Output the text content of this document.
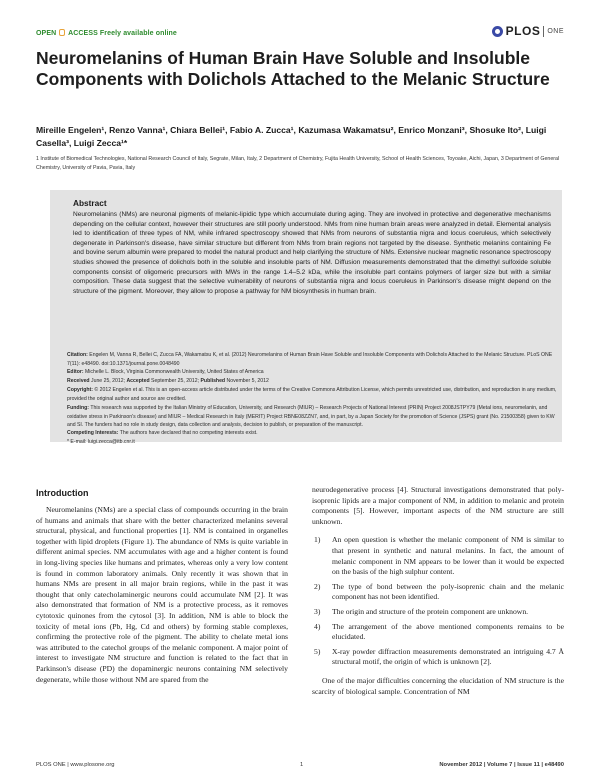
OPEN ACCESS Freely available online	PLOS ONE
Neuromelanins of Human Brain Have Soluble and Insoluble Components with Dolichols Attached to the Melanic Structure
Mireille Engelen¹, Renzo Vanna¹, Chiara Bellei¹, Fabio A. Zucca¹, Kazumasa Wakamatsu², Enrico Monzani³, Shosuke Ito², Luigi Casella³, Luigi Zecca¹*
1 Institute of Biomedical Technologies, National Research Council of Italy, Segrate, Milan, Italy, 2 Department of Chemistry, Fujita Health University, School of Health Sciences, Toyoake, Aichi, Japan, 3 Department of General Chemistry, University of Pavia, Pavia, Italy
Abstract
Neuromelanins (NMs) are neuronal pigments of melanic-lipidic type which accumulate during aging. They are involved in protective and degenerative mechanisms depending on the cellular context, however their structures are still poorly understood. NMs from nine human brain areas were analyzed in detail. Elemental analysis led to identification of three types of NM, while infrared spectroscopy showed that NMs from neurons of substantia nigra and locus coeruleus, which selectively degenerate in Parkinson's disease, have similar structure but different from NMs from brain regions not targeted by the disease. Synthetic melanins containing Fe and bovine serum albumin were prepared to model the natural product and help clarifying the structure of NMs. Extensive nuclear magnetic resonance spectroscopy studies showed the presence of dolichols both in the soluble and insoluble parts of NM. Diffusion measurements demonstrated that the dimethyl sulfoxide soluble components consist of oligomeric precursors with MWs in the range 1.4–5.2 kDa, while the insoluble part contains polymers of larger size but with a similar composition. These data suggest that the selective vulnerability of neurons of substantia nigra and locus coeruleus in Parkinson's disease might depend on the structure of the pigment. Moreover, they allow to propose a pathway for NM biosynthesis in human brain.
Citation: Engelen M, Vanna R, Bellei C, Zucca FA, Wakamatsu K, et al. (2012) Neuromelanins of Human Brain Have Soluble and Insoluble Components with Dolichols Attached to the Melanic Structure. PLoS ONE 7(11): e48490. doi:10.1371/journal.pone.0048490
Editor: Michelle L. Block, Virginia Commonwealth University, United States of America
Received June 25, 2012; Accepted September 25, 2012; Published November 5, 2012
Copyright: © 2012 Engelen et al. This is an open-access article distributed under the terms of the Creative Commons Attribution License, which permits unrestricted use, distribution, and reproduction in any medium, provided the original author and source are credited.
Funding: This research was supported by the Italian Ministry of Education, University, and Research (MIUR) – Research Projects of National Interest (PRIN) Project 2008JSTPY79 (Metal ions, neuromelanin, and oxidative stress in Parkinson's disease) and MIUR – Medical Research in Italy (MERIT) Project RBNE08ZZN7, and, in part, by a Japan Society for the promotion of Science (JSPS) grant (No. 21500358) given to KW and SI. The funders had no role in study design, data collection and analysis, decision to publish, or preparation of the manuscript.
Competing Interests: The authors have declared that no competing interests exist.
* E-mail: luigi.zecca@itb.cnr.it
Introduction

Neuromelanins (NMs) are a special class of compounds occurring in the brain of humans and animals that share with the better characterized melanins several structural, physical, and functional properties [1]. NM is contained in organelles together with lipid droplets (Figure 1). The abundance of NMs is quite variable in different animal species. NM accumulates with age and a higher content is found in long-living species like humans and primates, whereas only a very low content is found in common laboratory animals. Only recently it was shown that in humans NMs are present in all major brain regions, while in the past it was thought that only catecholaminergic neurons could accumulate NM [2]. It was also demonstrated that formation of NM is a protective process, as it removes cytotoxic quinones from the cytosol [3]. In addition, NM is able to block the toxicity of metal ions (Pb, Hg, Cd and others) by forming stable complexes, confirming the protective role of the pigment. The ability to chelate metal ions was attributed to the catechol groups of the melanic component. A major point of interest to investigate NM structure and function is related to the fact that in Parkinson's disease (PD) the dopaminergic neurons containing NM selectively degenerate, while those without NM are spared from the

neurodegenerative process [4]. Structural investigations demonstrated that poly-isoprenic lipids are a major component of NM, in addition to melanic and protein components [5]. However, important aspects of the NM structure are still unknown.

1)	An open question is whether the melanic component of NM is similar to that present in synthetic and natural melanins. In fact, the amount of melanic component in NM appears to be lower than it would be expected on the basis of the high sulphur content.
2)	The type of bond between the poly-isoprenic chain and the melanic component has not been identified.
3)	The origin and structure of the protein component are unknown.
4)	The arrangement of the above mentioned components remains to be elucidated.
5)	X-ray powder diffraction measurements demonstrated an intriguing 4.7 Å structural motif, the origin of which is unknown [2].

One of the major difficulties concerning the elucidation of NM structure is the scarcity of biological sample. Concentration of NM

PLOS ONE | www.plosone.org	1	November 2012 | Volume 7 | Issue 11 | e48490
